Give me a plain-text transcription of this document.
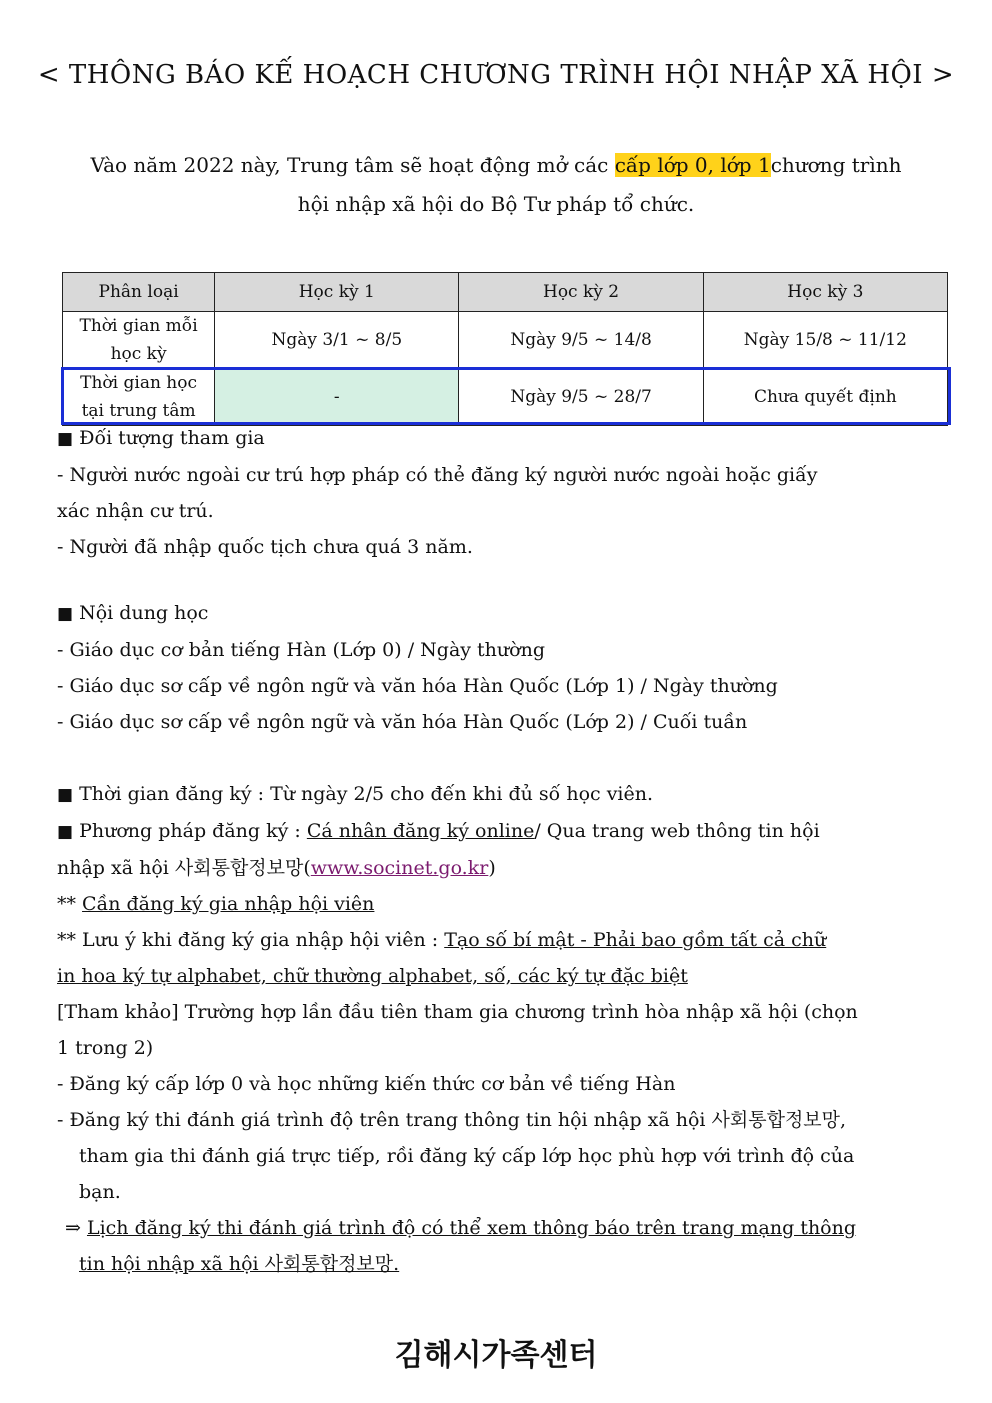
< THÔNG BÁO KẾ HOẠCH CHƯƠNG TRÌNH HỘI NHẬP XÃ HỘI >
Vào năm 2022 này, Trung tâm sẽ hoạt động mở các cấp lớp 0, lớp 1chương trình
hội nhập xã hội do Bộ Tư pháp tổ chức.
Phân loại	Học kỳ 1	Học kỳ 2	Học kỳ 3
Thời gian mỗi học kỳ	Ngày 3/1 ~ 8/5	Ngày 9/5 ~ 14/8	Ngày 15/8 ~ 11/12
Thời gian học tại trung tâm	-	Ngày 9/5 ~ 28/7	Chưa quyết định

■ Đối tượng tham gia

- Người nước ngoài cư trú hợp pháp có thẻ đăng ký người nước ngoài hoặc giấy

xác nhận cư trú.

- Người đã nhập quốc tịch chưa quá 3 năm.

■ Nội dung học

- Giáo dục cơ bản tiếng Hàn (Lớp 0) / Ngày thường

- Giáo dục sơ cấp về ngôn ngữ và văn hóa Hàn Quốc (Lớp 1) / Ngày thường

- Giáo dục sơ cấp về ngôn ngữ và văn hóa Hàn Quốc (Lớp 2) / Cuối tuần

■ Thời gian đăng ký : Từ ngày 2/5 cho đến khi đủ số học viên.

■ Phương pháp đăng ký : Cá nhân đăng ký online/ Qua trang web thông tin hội

nhập xã hội 사회통합정보망(www.socinet.go.kr)

** Cần đăng ký gia nhập hội viên

** Lưu ý khi đăng ký gia nhập hội viên : Tạo số bí mật - Phải bao gồm tất cả chữ

in hoa ký tự alphabet, chữ thường alphabet, số, các ký tự đặc biệt

[Tham khảo] Trường hợp lần đầu tiên tham gia chương trình hòa nhập xã hội (chọn

1 trong 2)

- Đăng ký cấp lớp 0 và học những kiến thức cơ bản về tiếng Hàn

- Đăng ký thi đánh giá trình độ trên trang thông tin hội nhập xã hội 사회통합정보망,

tham gia thi đánh giá trực tiếp, rồi đăng ký cấp lớp học phù hợp với trình độ của

bạn.

⇒ Lịch đăng ký thi đánh giá trình độ có thể xem thông báo trên trang mạng thông

tin hội nhập xã hội 사회통합정보망.

김해시가족센터
